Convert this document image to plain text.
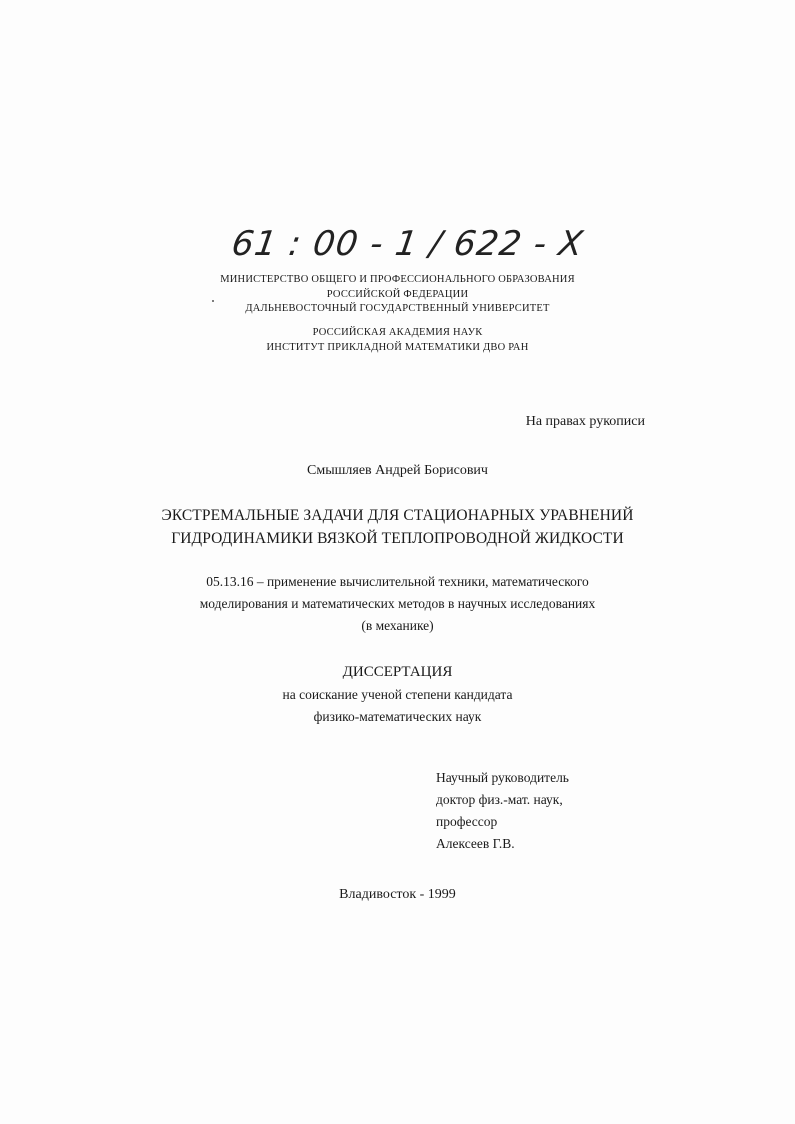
61 : 00 - 1 / 622 - X
МИНИСТЕРСТВО ОБЩЕГО И ПРОФЕССИОНАЛЬНОГО ОБРАЗОВАНИЯ
РОССИЙСКОЙ ФЕДЕРАЦИИ
ДАЛЬНЕВОСТОЧНЫЙ ГОСУДАРСТВЕННЫЙ УНИВЕРСИТЕТ
РОССИЙСКАЯ АКАДЕМИЯ НАУК
ИНСТИТУТ ПРИКЛАДНОЙ МАТЕМАТИКИ ДВО РАН
На правах рукописи
Смышляев Андрей Борисович
ЭКСТРЕМАЛЬНЫЕ ЗАДАЧИ ДЛЯ СТАЦИОНАРНЫХ УРАВНЕНИЙ
ГИДРОДИНАМИКИ ВЯЗКОЙ ТЕПЛОПРОВОДНОЙ ЖИДКОСТИ
05.13.16 – применение вычислительной техники, математического
моделирования и математических методов в научных исследованиях
(в механике)
ДИССЕРТАЦИЯ
на соискание ученой степени кандидата
физико-математических наук
Научный руководитель
доктор физ.-мат. наук,
профессор
Алексеев Г.В.
Владивосток - 1999
